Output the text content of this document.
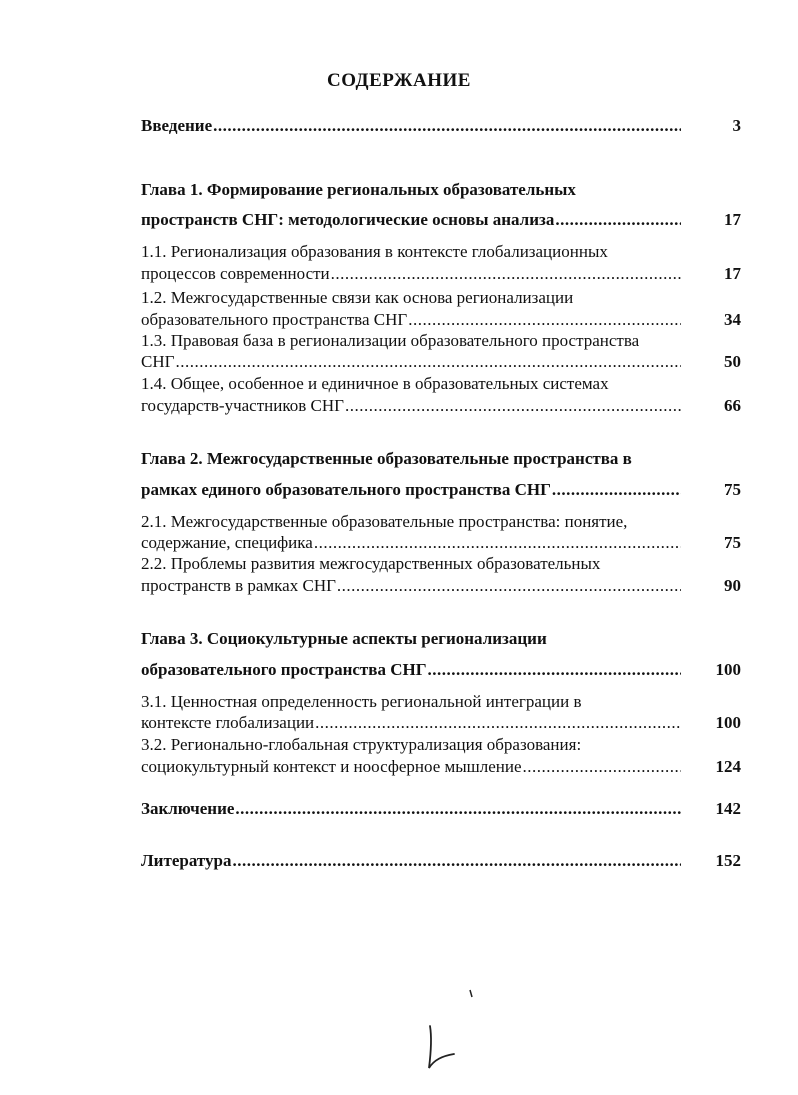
СОДЕРЖАНИЕ
Введение .....	3
Глава 1. Формирование региональных образовательных
пространств СНГ: методологические основы анализа .....	17
1.1. Регионализация образования в контексте глобализационных
процессов современности .....	17
1.2. Межгосударственные связи как основа регионализации
образовательного пространства СНГ .....	34
1.3. Правовая база в регионализации образовательного пространства
СНГ .....	50
1.4. Общее, особенное и единичное в образовательных системах
государств-участников СНГ .....	66
Глава 2. Межгосударственные образовательные пространства в
рамках единого образовательного пространства СНГ .....	75
2.1. Межгосударственные образовательные пространства: понятие,
содержание, специфика .....	75
2.2. Проблемы развития межгосударственных образовательных
пространств в рамках СНГ .....	90
Глава 3. Социокультурные аспекты регионализации
образовательного пространства СНГ .....	100
3.1. Ценностная определенность региональной интеграции в
контексте глобализации .....	100
3.2. Регионально-глобальная структурализация образования:
социокультурный контекст и ноосферное мышление .....	124
Заключение .....	142
Литература .....	152
